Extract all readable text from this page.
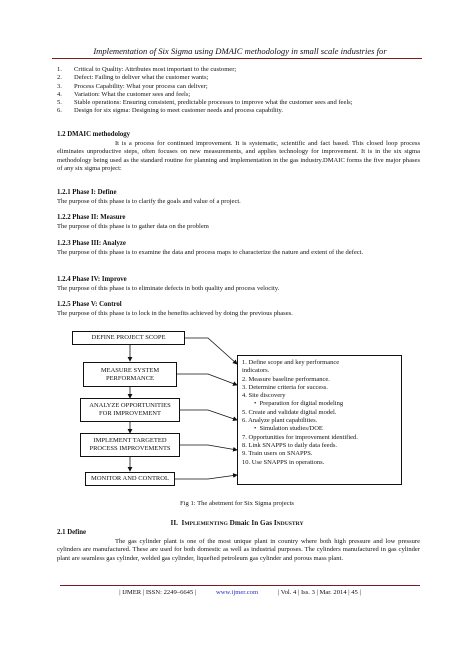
Implementation of Six Sigma using DMAIC methodology in small scale industries for
1. Critical to Quality: Attributes most important to the customer;
2. Defect: Failing to deliver what the customer wants;
3. Process Capability: What your process can deliver;
4. Variation: What the customer sees and feels;
5. Stable operations: Ensuring consistent, predictable processes to improve what the customer sees and feels;
6. Design for six sigma: Designing to meet customer needs and process capability.
1.2 DMAIC methodology
It is a process for continued improvement. It is systematic, scientific and fact based. This closed loop process eliminates unproductive steps, often focuses on new measurements, and applies technology for improvement. It is in the six sigma methodology being used as the standard routine for planning and implementation in the gas industry.DMAIC forms the five major phases of any six sigma project:
1.2.1 Phase I: Define
The purpose of this phase is to clarify the goals and value of a project.
1.2.2 Phase II: Measure
The purpose of this phase is to gather data on the problem
1.2.3 Phase III: Analyze
The purpose of this phase is to examine the data and process maps to characterize the nature and extent of the defect.
1.2.4 Phase IV: Improve
The purpose of this phase is to eliminate defects in both quality and process velocity.
1.2.5 Phase V: Control
The purpose of this phase is to lock in the benefits achieved by doing the previous phases.
DEFINE PROJECT SCOPE
MEASURE SYSTEM
PERFORMANCE
ANALYZE OPPORTUNITIES
FOR IMPROVEMENT
IMPLEMENT TARGETED
PROCESS IMPROVEMENTS
MONITOR AND CONTROL
1. Define scope and key performance
indicators.
2. Measure baseline performance.
3. Determine criteria for success.
4. Site discovery
• Preparation for digital modeling
5. Create and validate digital model.
6. Analyze plant capabilities.
• Simulation studies/DOE
7. Opportunities for improvement identified.
8. Link SNAPPS to daily data feeds.
9. Train users on SNAPPS.
10. Use SNAPPS in operations.
Fig 1: The abetment for Six Sigma projects
II. IMPLEMENTING Dmaic In Gas INDUSTRY
2.1 Define
The gas cylinder plant is one of the most unique plant in country where both high pressure and low pressure cylinders are manufactured. These are used for both domestic as well as industrial purposes. The cylinders manufactured in gas cylinder plant are seamless gas cylinder, welded gas cylinder, liquefied petroleum gas cylinder and porous mass plant.
| IJMER | ISSN: 2249–6645 |	www.ijmer.com	| Vol. 4 | Iss. 3 | Mar. 2014 | 45 |
